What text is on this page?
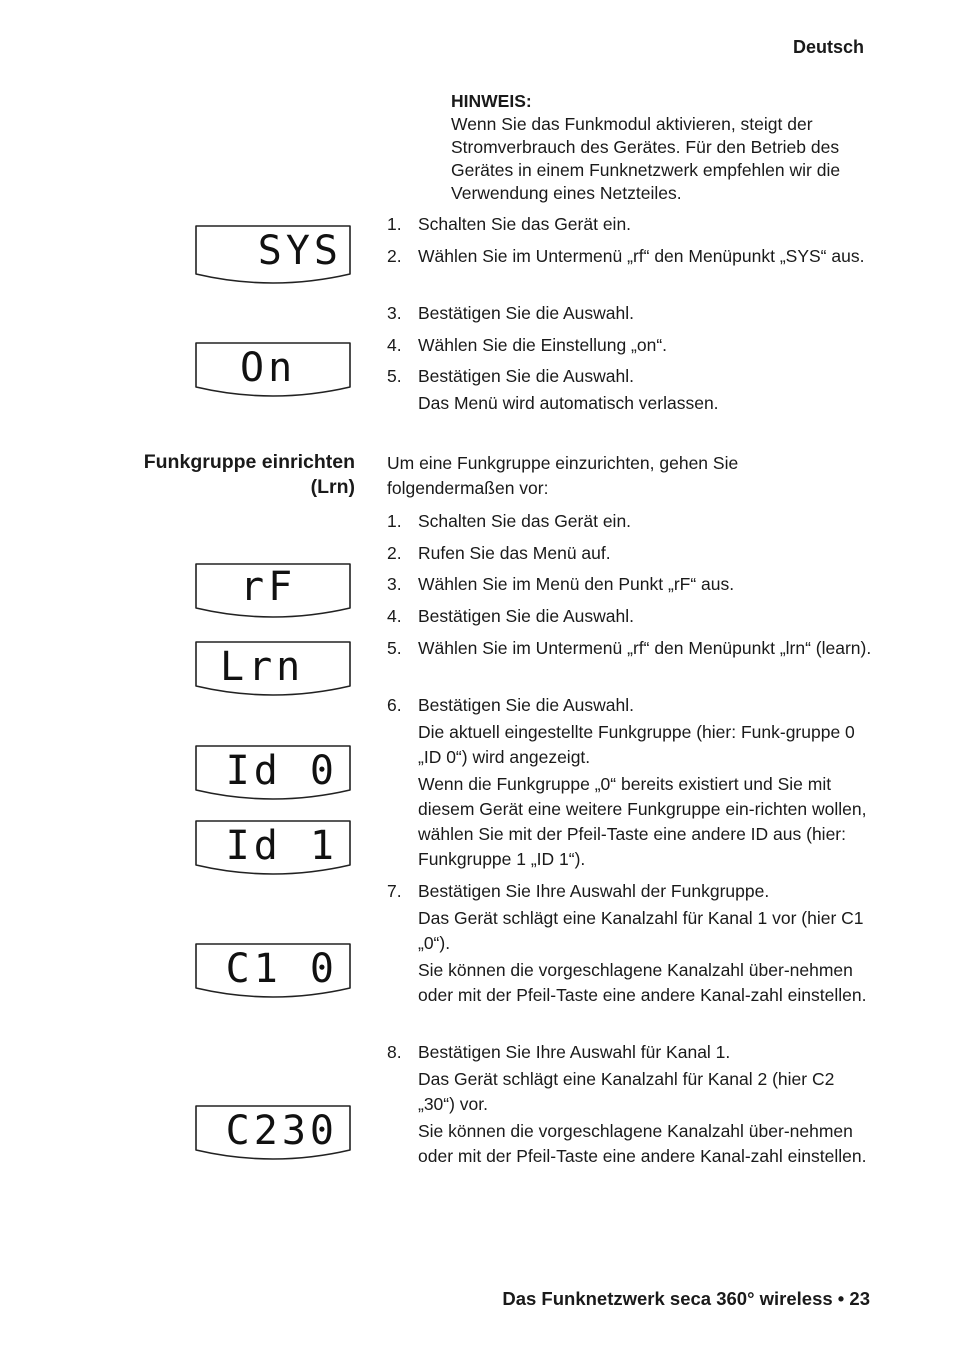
Deutsch
HINWEIS:
Wenn Sie das Funkmodul aktivieren, steigt der Stromverbrauch des Gerätes. Für den Betrieb des Gerätes in einem Funknetzwerk empfehlen wir die Verwendung eines Netzteiles.
1. Schalten Sie das Gerät ein.
2. Wählen Sie im Untermenü „rf“ den Menüpunkt „SYS“ aus.
3. Bestätigen Sie die Auswahl.
4. Wählen Sie die Einstellung „on“.
5. Bestätigen Sie die Auswahl.
Das Menü wird automatisch verlassen.
Funkgruppe einrichten
(Lrn)
Um eine Funkgruppe einzurichten, gehen Sie folgendermaßen vor:
1. Schalten Sie das Gerät ein.
2. Rufen Sie das Menü auf.
3. Wählen Sie im Menü den Punkt „rF“ aus.
4. Bestätigen Sie die Auswahl.
5. Wählen Sie im Untermenü „rf“ den Menüpunkt „lrn“ (learn).
6. Bestätigen Sie die Auswahl.
Die aktuell eingestellte Funkgruppe (hier: Funk-gruppe 0 „ID 0“) wird angezeigt.
Wenn die Funkgruppe „0“ bereits existiert und Sie mit diesem Gerät eine weitere Funkgruppe ein-richten wollen, wählen Sie mit der Pfeil-Taste eine andere ID aus (hier: Funkgruppe 1 „ID 1“).
7. Bestätigen Sie Ihre Auswahl der Funkgruppe.
Das Gerät schlägt eine Kanalzahl für Kanal 1 vor (hier C1 „0“).
Sie können die vorgeschlagene Kanalzahl über-nehmen oder mit der Pfeil-Taste eine andere Kanal-zahl einstellen.
8. Bestätigen Sie Ihre Auswahl für Kanal 1.
Das Gerät schlägt eine Kanalzahl für Kanal 2 (hier C2 „30“) vor.
Sie können die vorgeschlagene Kanalzahl über-nehmen oder mit der Pfeil-Taste eine andere Kanal-zahl einstellen.
SYS
On
rF
Lrn
Id 0
Id 1
C1 0
C230
Das Funknetzwerk seca 360° wireless • 23
